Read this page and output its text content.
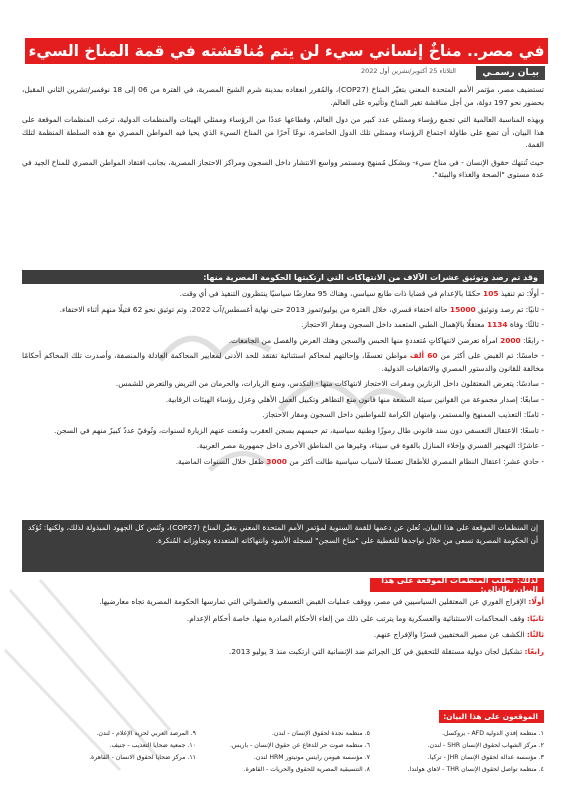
في مصر.. مناخٌ إنساني سيء لن يتم مُناقشته في قمة المناخ السيء
بيـان رسمـي
الثلاثاء 25 أكتوبر/تشرين أول 2022

تستضيف مصر، مؤتمر الأمم المتحدة المعني بتغيّر المناخ (COP27)، والمُقرر انعقاده بمدينة شرم الشيخ المصرية، في الفترة من 06 إلى 18 نوفمبر/تشرين الثاني المقبل، بحضور نحو 197 دولة، من أجل مناقشة تغير المناخ وتأثيره على العالم.

وبهذه المناسبة العالمية التي تجمع رؤساء وممثلي عدد كبير من دول العالم، وقطاعها عددًا من الرؤساء وممثلي الهيئات والمنظمات الدولية، ترغب المنظمات الموقعة على هذا البيان، أن تضع على طاولة اجتماع الرؤساء وممثلي تلك الدول الحاضرة، نوعًا آخرًا من المناخ السيء الذي يحيا فيه المواطن المصري مع هذه السلطة المنظمة لتلك القمة.

حيث تُنتهك حقوق الإنسان - في مناخ سيء- وبشكل مُمنهج ومستمر وواسع الانتشار داخل السجون ومراكز الاحتجاز المصرية، بجانب افتقاد المواطن المصري للمناخ الجيد في عدة مستوى "الصحة والغذاء والبيئة".

وقد تم رصد وتوثيق عشرات الآلاف من الانتهاكات التي ارتكبتها الحكومة المصرية منها:

- أولًا: تم تنفيذ 105 حكمًا بالإعدام في قضايا ذات طابع سياسي، وهناك 95 معارضًا سياسيًا ينتظرون التنفيذ في أي وقت.

- ثانيًا: تم رصد وتوثيق 15000 حالة اختفاء قسري، خلال الفترة من يوليو/تموز 2013 حتى نهاية أغسطس/آب 2022، وتم توثيق نحو 62 قتيلًا منهم أثناء الاختفاء.

- ثالثًا: وفاة 1134 معتقلًا بالإهمال الطبي المتعمد داخل السجون ومقار الاحتجاز.

- رابعًا: 2000 امرأة تعرضن لانتهاكاتٍ مُتعددةٍ منها الحبس والسجن وهتك العرض والفصل من الجامعات.

- خامسًا: تم القبض على أكثر من 60 ألف مواطن تعسفًا، وإحالتهم لمحاكم استثنائية تفتقد للحد الأدنى لمعايير المحاكمة العادلة والمنصفة، وأصدرت تلك المحاكم أحكامًا مخالفة للقانون والدستور المصري والاتفاقيات الدولية.

- سادسًا: يتعرض المعتقلون داخل الزنازين ومقرات الاحتجاز لانتهاكات منها - التكدس، ومنع الزيارات، والحرمان من التريض والتعرض للشمس.

- سابعًا: إصدار مجموعة من القوانين سيئة السمعة منها قانون منع التظاهر وتكبيل العمل الأهلي وعزل رؤساء الهيئات الرقابية.

- ثامنًا: التعذيب الممنهج والمستمر، وامتهان الكرامة للمواطنين داخل السجون ومقار الاحتجاز.

- تاسعًا: الاعتقال التعسفي دون سند قانوني طال رموزًا وطنية سياسية، تم حبسهم بسجن العقرب ومُنعت عنهم الزيارة لسنوات، وتُوفيّ عددٌ كبيرٌ منهم في السجن.

- عاشرًا: التهجير القسري وإخلاء المنازل بالقوة في سيناء، وغيرها من المناطق الأخرى داخل جمهورية مصر العربية.

- حادي عشر: اعتقال النظام المصري للأطفال تعسفًا لأسباب سياسية طالت أكثر من 3000 طفل خلال السنوات الماضية.

إن المنظمات الموقعة على هذا البيان، تُعلن عن دعمها للقمة السنوية لمؤتمر الأمم المتحدة المعني بتغيّر المناخ (COP27)، وتُثمن كل الجهود المبذولة لذلك، ولكنها: تُؤكد أن الحكومة المصرية تسعى من خلال تواجدها للتغطية على "مناخ السجن" لسجله الأسود وانتهاكاته المتعددة وتجاوزاته المُنكرة.
لذلك: تطلب المنظمات الموقعة على هذا البيان، بالتالي:

أولًا: الإفراج الفوري عن المعتقلين السياسيين في مصر، ووقف عمليات القبض التعسفي والعشوائي التي تمارسها الحكومة المصرية تجاه معارضيها.

ثانيًا: وقف المحاكمات الاستثنائية والعسكرية وما يترتب على ذلك من إلغاء الأحكام الصادرة منها، خاصة أحكام الإعدام.

ثالثًا: الكشف عن مصير المختفيين قسرًا والإفراج عنهم.

رابعًا: تشكيل لجان دولية مستقلة للتحقيق في كل الجرائم ضد الإنسانية التي ارتكبت منذ 3 يوليو 2013.

الموقعون على هذا البيان:
١. منظمة إفدي الدولية AFD - بروكسل.
٢. مركز الشهاب لحقوق الإنسان SHR - لندن.
٣. مؤسسة عدالة لحقوق الإنسان JHR - تركيا.
٤. منظمة تواصل لحقوق الإنسان THR - لاهاي هولندا.
٥. منظمة نجدة لحقوق الإنسان - لندن.
٦. منظمة صوت حر للدفاع عن حقوق الإنسان - باريس.
٧. مؤسسة هيومن رايتس مونيتور HRM لندن.
٨. التنسيقية المصرية للحقوق والحريات - القاهرة.
٩. المرصد العربي لحرية الإعلام - لندن.
١٠. جمعية ضحايا التعذيب - جنيف.
١١. مركز ضحايا لحقوق الانسان - القاهرة.
